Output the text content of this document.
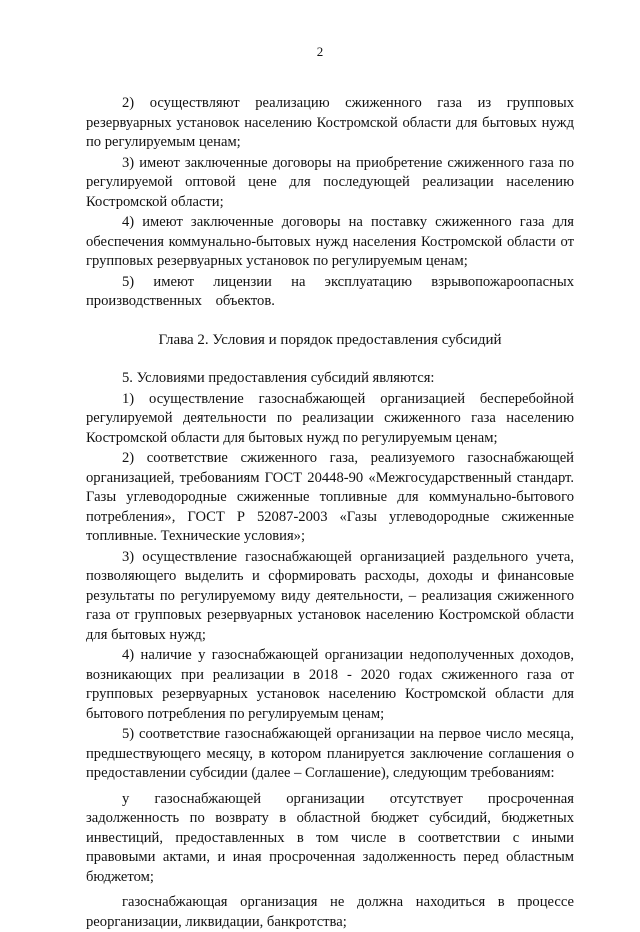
2

2) осуществляют реализацию сжиженного газа из групповых резервуарных установок населению Костромской области для бытовых нужд по регулируемым ценам;

3) имеют заключенные договоры на приобретение сжиженного газа по регулируемой оптовой цене для последующей реализации населению Костромской области;

4) имеют заключенные договоры на поставку сжиженного газа для обеспечения коммунально-бытовых нужд населения Костромской области от групповых резервуарных установок по регулируемым ценам;

5) имеют лицензии на эксплуатацию взрывопожароопасных производственных объектов.

Глава 2. Условия и порядок предоставления субсидий

5. Условиями предоставления субсидий являются:

1) осуществление газоснабжающей организацией бесперебойной регулируемой деятельности по реализации сжиженного газа населению Костромской области для бытовых нужд по регулируемым ценам;

2) соответствие сжиженного газа, реализуемого газоснабжающей организацией, требованиям ГОСТ 20448-90 «Межгосударственный стандарт. Газы углеводородные сжиженные топливные для коммунально-бытового потребления», ГОСТ Р 52087-2003 «Газы углеводородные сжиженные топливные. Технические условия»;

3) осуществление газоснабжающей организацией раздельного учета, позволяющего выделить и сформировать расходы, доходы и финансовые результаты по регулируемому виду деятельности, – реализация сжиженного газа от групповых резервуарных установок населению Костромской области для бытовых нужд;

4) наличие у газоснабжающей организации недополученных доходов, возникающих при реализации в 2018 - 2020 годах сжиженного газа от групповых резервуарных установок населению Костромской области для бытового потребления по регулируемым ценам;

5) соответствие газоснабжающей организации на первое число месяца, предшествующего месяцу, в котором планируется заключение соглашения о предоставлении субсидии (далее – Соглашение), следующим требованиям:

у газоснабжающей организации отсутствует просроченная задолженность по возврату в областной бюджет субсидий, бюджетных инвестиций, предоставленных в том числе в соответствии с иными правовыми актами, и иная просроченная задолженность перед областным бюджетом;

газоснабжающая организация не должна находиться в процессе реорганизации, ликвидации, банкротства;
